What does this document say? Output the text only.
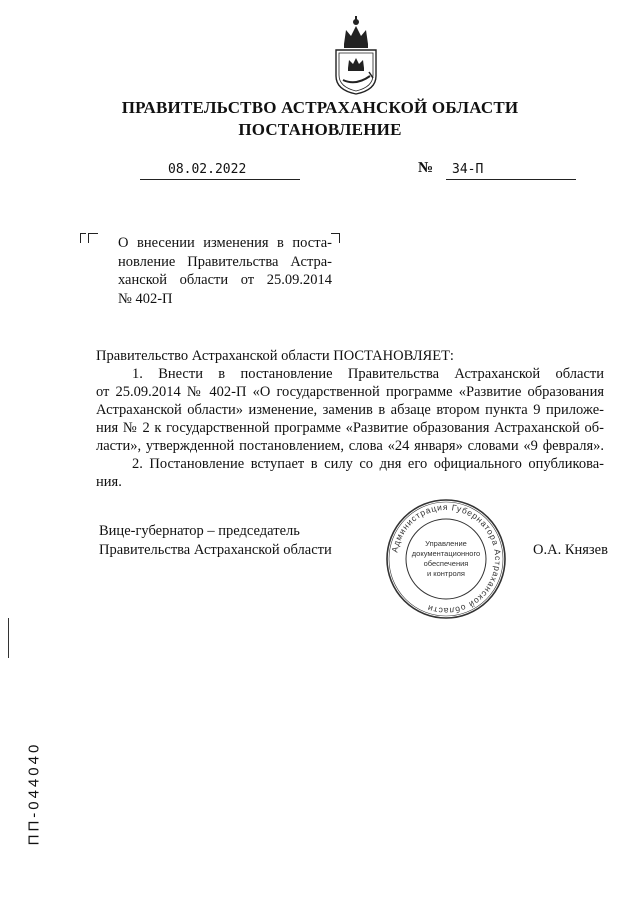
ПРАВИТЕЛЬСТВО АСТРАХАНСКОЙ ОБЛАСТИ
ПОСТАНОВЛЕНИЕ
08.02.2022	№ 34-П
О внесении изменения в поста-
новление Правительства Астра-
ханской области от 25.09.2014
№ 402-П
Правительство Астраханской области ПОСТАНОВЛЯЕТ:
1. Внести в постановление Правительства Астраханской области
от 25.09.2014 № 402-П «О государственной программе «Развитие образования
Астраханской области» изменение, заменив в абзаце втором пункта 9 приложе-
ния № 2 к государственной программе «Развитие образования Астраханской об-
ласти», утвержденной постановлением, слова «24 января» словами «9 февраля».
2. Постановление вступает в силу со дня его официального опубликова-
ния.
Вице-губернатор – председатель
Правительства Астраханской области	Администрация Губернатора Астраханской области
Управление
документационного
обеспечения
и контроля
О.А. Князев
ПП-044040
